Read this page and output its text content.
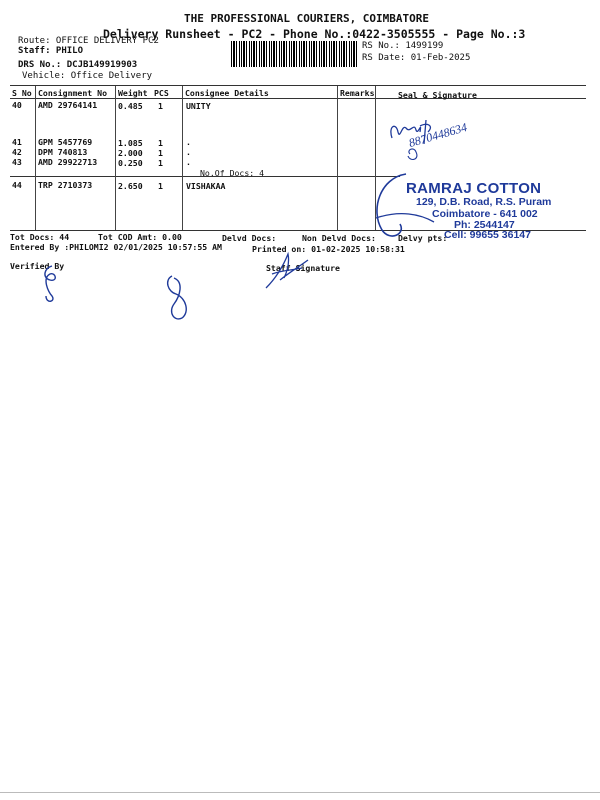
THE PROFESSIONAL COURIERS, COIMBATORE
Delivery Runsheet - PC2 - Phone No.:0422-3505555 - Page No.:3
Route: OFFICE DELIVERY PC2
Staff: PHILO
DRS No.: DCJB149919903
Vehicle: Office Delivery
RS No.: 1499199
RS Date: 01-Feb-2025
S No Consignment No Weight PCS Consignee Details	Remarks	Seal & Signature
40 AMD 29764141	0.485 1	UNITY
41 GPM 5457769	1.085 1	.
42 DPM 740813	2.000 1	.
43 AMD 29922713	0.250 1	.
No.Of Docs: 4
44 TRP 2710373	2.650 1	VISHAKAA
8870448634
RAMRAJ COTTON
129, D.B. Road, R.S. Puram
Coimbatore - 641 002
Ph: 2544147
Cell: 99655 36147
Tot Docs: 44	Tot COD Amt: 0.00	Delvd Docs:	Non Delvd Docs:	Delvy pts:
Entered By :PHILOMI2 02/01/2025 10:57:55 AM	Printed on: 01-02-2025 10:58:31
Verified By	Staff Signature
